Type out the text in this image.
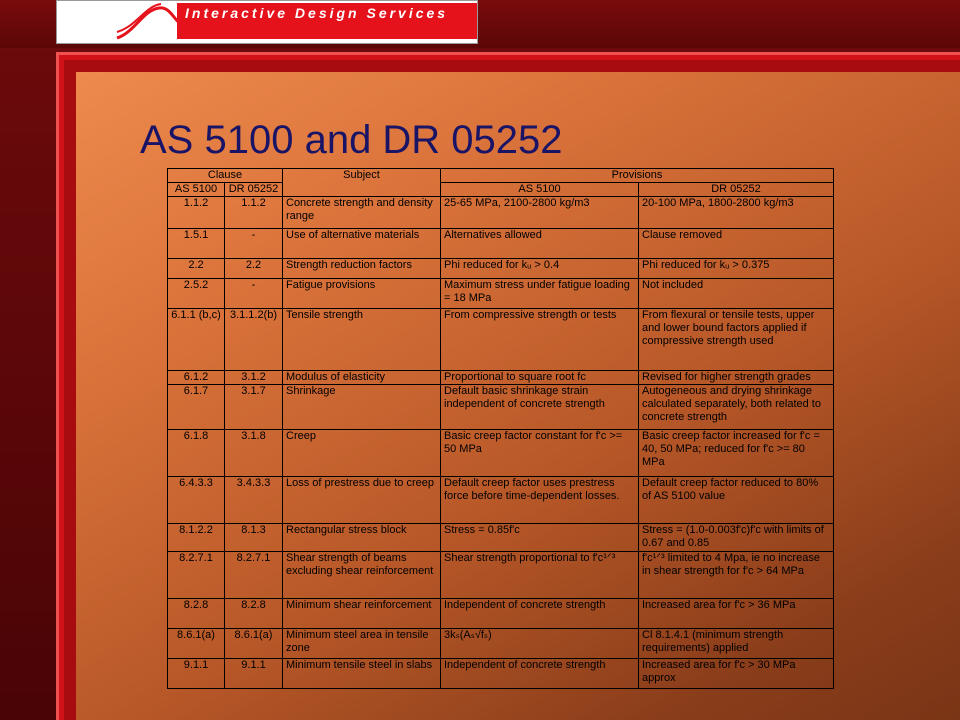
Interactive Design Services
AS 5100 and DR 05252
Clause		Subject	Provisions	
AS 5100	DR 05252		AS 5100	DR 05252
1.1.2	1.1.2	Concrete strength and density range	25-65 MPa, 2100-2800 kg/m3	20-100 MPa, 1800-2800 kg/m3
1.5.1	-	Use of alternative materials	Alternatives allowed	Clause removed
2.2	2.2	Strength reduction factors	Phi reduced for kᵤ > 0.4	Phi reduced for kᵤ > 0.375
2.5.2	-	Fatigue provisions	Maximum stress under fatigue loading = 18 MPa	Not included
6.1.1 (b,c)	3.1.1.2(b)	Tensile strength	From compressive strength or tests	From flexural or tensile tests, upper and lower bound factors applied if compressive strength used
6.1.2	3.1.2	Modulus of elasticity	Proportional to square root fc	Revised for higher strength grades
6.1.7	3.1.7	Shrinkage	Default basic shrinkage strain independent of concrete strength	Autogeneous and drying shrinkage calculated separately, both related to concrete strength
6.1.8	3.1.8	Creep	Basic creep factor constant for f'c >= 50 MPa	Basic creep factor increased for f'c = 40, 50 MPa; reduced for f'c >= 80 MPa
6.4.3.3	3.4.3.3	Loss of prestress due to creep	Default creep factor uses prestress force before time-dependent losses.	Default creep factor reduced to 80% of AS 5100 value
8.1.2.2	8.1.3	Rectangular stress block	Stress = 0.85f'c	Stress = (1.0-0.003f'c)f'c with limits of 0.67 and 0.85
8.2.7.1	8.2.7.1	Shear strength of beams excluding shear reinforcement	Shear strength proportional to f'c¹ᐟ³	f'c¹ᐟ³ limited to 4 Mpa, ie no increase in shear strength for f'c > 64 MPa
8.2.8	8.2.8	Minimum shear reinforcement	Independent of concrete strength	Increased area for f'c > 36 MPa
8.6.1(a)	8.6.1(a)	Minimum steel area in tensile zone	3kₛ(Aₛ√fₛ)	Cl 8.1.4.1 (minimum strength requirements) applied
9.1.1	9.1.1	Minimum tensile steel in slabs	Independent of concrete strength	Increased area for f'c > 30 MPa approx
